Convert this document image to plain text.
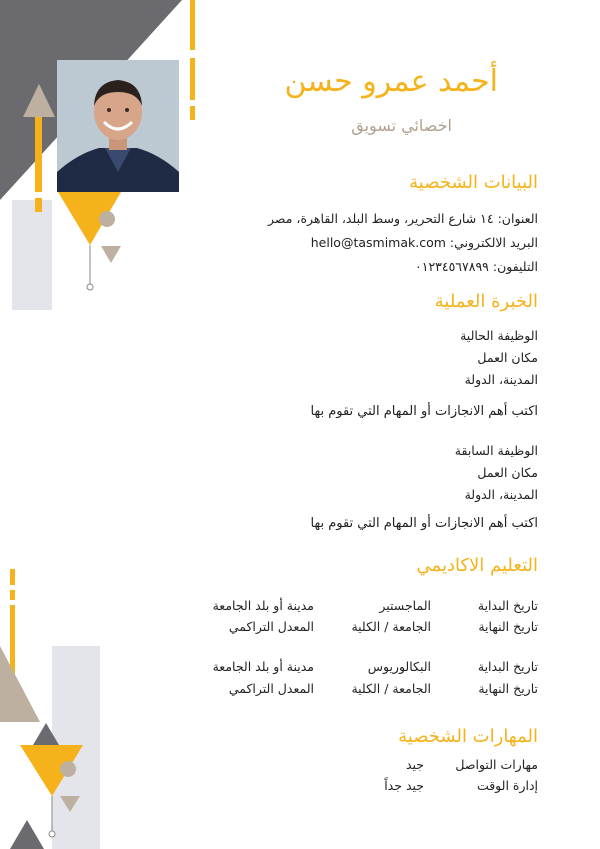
أحمد عمرو حسن
اخصائي تسويق
البيانات الشخصية
العنوان: ١٤ شارع التحرير، وسط البلد، القاهرة، مصر
البريد الالكتروني: hello@tasmimak.com
التليفون: ٠١٢٣٤٥٦٧٨٩٩
الخبرة العملية
الوظيفة الحالية
مكان العمل
المدينة، الدولة
اكتب أهم الانجازات أو المهام التي تقوم بها
الوظيفة السابقة
مكان العمل
المدينة، الدولة
اكتب أهم الانجازات أو المهام التي تقوم بها
التعليم الاكاديمي
تاريخ البداية
تاريخ النهاية
الماجستير
الجامعة / الكلية
مدينة أو بلد الجامعة
المعدل التراكمي
تاريخ البداية
تاريخ النهاية
البكالوريوس
الجامعة / الكلية
مدينة أو بلد الجامعة
المعدل التراكمي
المهارات الشخصية
مهارات التواصل
جيد
إدارة الوقت
جيد جداً
